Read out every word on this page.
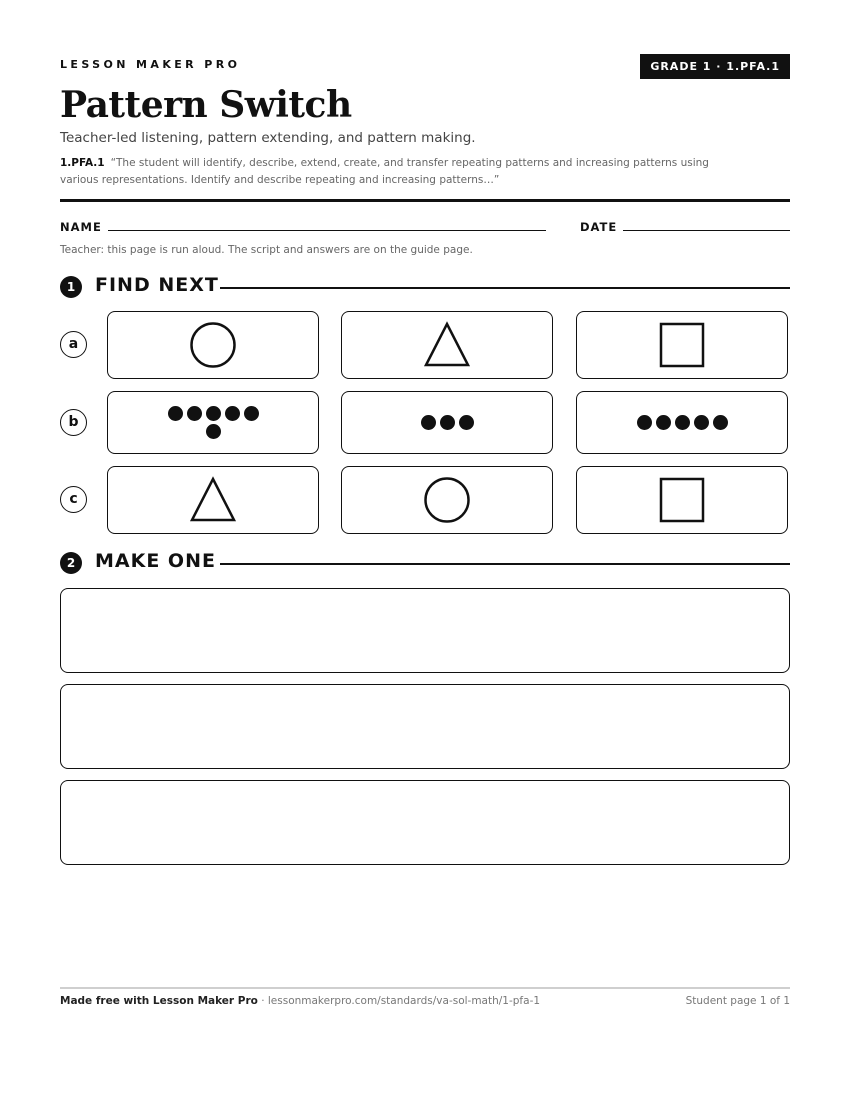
LESSON MAKER PRO	GRADE 1 · 1.PFA.1
Pattern Switch
Teacher-led listening, pattern extending, and pattern making.
1.PFA.1 “The student will identify, describe, extend, create, and transfer repeating patterns and increasing patterns using various representations. Identify and describe repeating and increasing patterns…”
NAME	DATE
Teacher: this page is run aloud. The script and answers are on the guide page.
1	FIND NEXT
a
b
c
2	MAKE ONE
Made free with Lesson Maker Pro · lessonmakerpro.com/standards/va-sol-math/1-pfa-1	Student page 1 of 1
